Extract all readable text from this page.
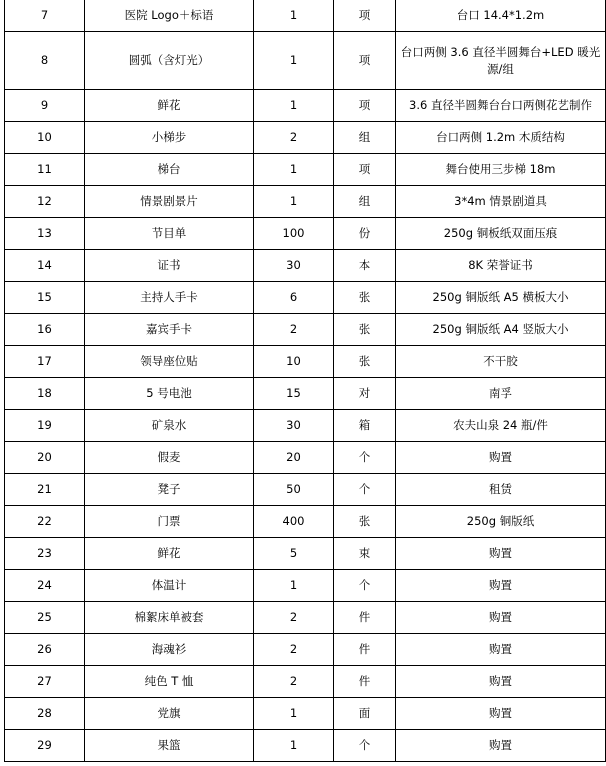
7	医院 Logo＋标语	1	项	台口 14.4*1.2m
8	圆弧（含灯光）	1	项	台口两侧 3.6 直径半圆舞台+LED 暖光源/组
9	鲜花	1	项	3.6 直径半圆舞台台口两侧花艺制作
10	小梯步	2	组	台口两侧 1.2m 木质结构
11	梯台	1	项	舞台使用三步梯 18m
12	情景剧景片	1	组	3*4m 情景剧道具
13	节目单	100	份	250g 铜板纸双面压痕
14	证书	30	本	8K 荣誉证书
15	主持人手卡	6	张	250g 铜版纸 A5 横板大小
16	嘉宾手卡	2	张	250g 铜版纸 A4 竖版大小
17	领导座位贴	10	张	不干胶
18	5 号电池	15	对	南孚
19	矿泉水	30	箱	农夫山泉 24 瓶/件
20	假麦	20	个	购置
21	凳子	50	个	租赁
22	门票	400	张	250g 铜版纸
23	鲜花	5	束	购置
24	体温计	1	个	购置
25	棉絮床单被套	2	件	购置
26	海魂衫	2	件	购置
27	纯色 T 恤	2	件	购置
28	党旗	1	面	购置
29	果篮	1	个	购置
